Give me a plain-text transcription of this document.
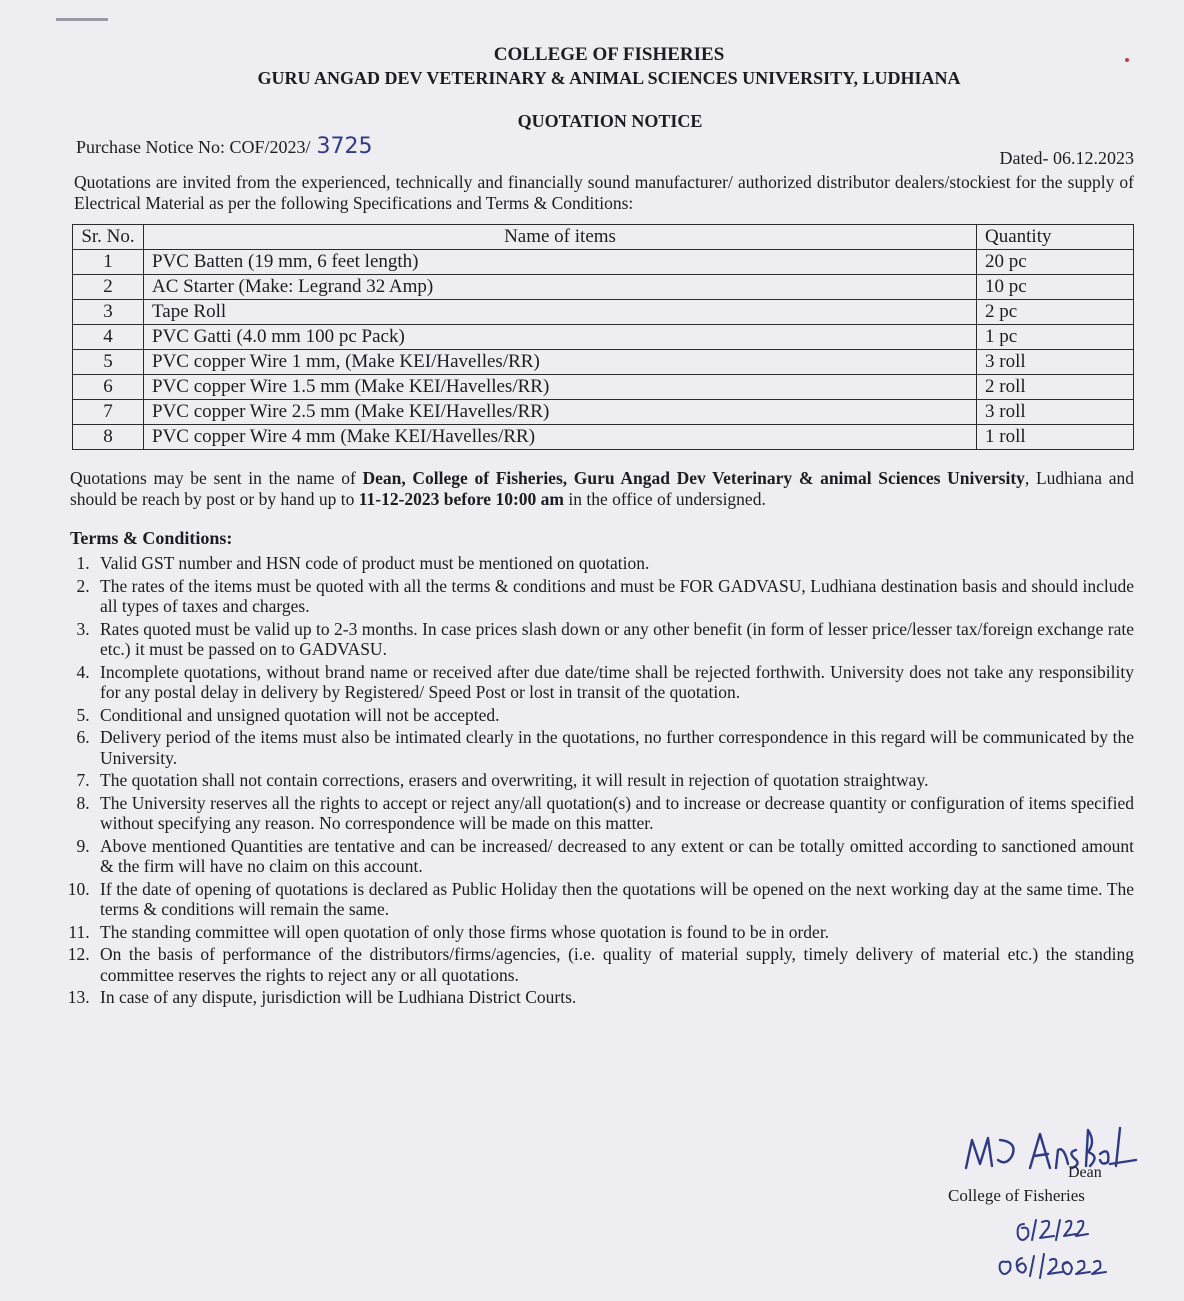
COLLEGE OF FISHERIES
GURU ANGAD DEV VETERINARY & ANIMAL SCIENCES UNIVERSITY, LUDHIANA
QUOTATION NOTICE
Purchase Notice No: COF/2023/ 3725	Dated- 06.12.2023
Quotations are invited from the experienced, technically and financially sound manufacturer/ authorized distributor dealers/stockiest for the supply of Electrical Material as per the following Specifications and Terms & Conditions:
Sr. No.	Name of items	Quantity
1	PVC Batten (19 mm, 6 feet length)	20 pc
2	AC Starter (Make: Legrand 32 Amp)	10 pc
3	Tape Roll	2 pc
4	PVC Gatti (4.0 mm 100 pc Pack)	1 pc
5	PVC copper Wire 1 mm, (Make KEI/Havelles/RR)	3 roll
6	PVC copper Wire 1.5 mm (Make KEI/Havelles/RR)	2 roll
7	PVC copper Wire 2.5 mm (Make KEI/Havelles/RR)	3 roll
8	PVC copper Wire 4 mm (Make KEI/Havelles/RR)	1 roll
Quotations may be sent in the name of Dean, College of Fisheries, Guru Angad Dev Veterinary & animal Sciences University, Ludhiana and should be reach by post or by hand up to 11-12-2023 before 10:00 am in the office of undersigned.
Terms & Conditions:
1. Valid GST number and HSN code of product must be mentioned on quotation.
2. The rates of the items must be quoted with all the terms & conditions and must be FOR GADVASU, Ludhiana destination basis and should include all types of taxes and charges.
3. Rates quoted must be valid up to 2-3 months. In case prices slash down or any other benefit (in form of lesser price/lesser tax/foreign exchange rate etc.) it must be passed on to GADVASU.
4. Incomplete quotations, without brand name or received after due date/time shall be rejected forthwith. University does not take any responsibility for any postal delay in delivery by Registered/ Speed Post or lost in transit of the quotation.
5. Conditional and unsigned quotation will not be accepted.
6. Delivery period of the items must also be intimated clearly in the quotations, no further correspondence in this regard will be communicated by the University.
7. The quotation shall not contain corrections, erasers and overwriting, it will result in rejection of quotation straightway.
8. The University reserves all the rights to accept or reject any/all quotation(s) and to increase or decrease quantity or configuration of items specified without specifying any reason. No correspondence will be made on this matter.
9. Above mentioned Quantities are tentative and can be increased/ decreased to any extent or can be totally omitted according to sanctioned amount & the firm will have no claim on this account.
10. If the date of opening of quotations is declared as Public Holiday then the quotations will be opened on the next working day at the same time. The terms & conditions will remain the same.
11. The standing committee will open quotation of only those firms whose quotation is found to be in order.
12. On the basis of performance of the distributors/firms/agencies, (i.e. quality of material supply, timely delivery of material etc.) the standing committee reserves the rights to reject any or all quotations.
13. In case of any dispute, jurisdiction will be Ludhiana District Courts.
Dean
College of Fisheries
